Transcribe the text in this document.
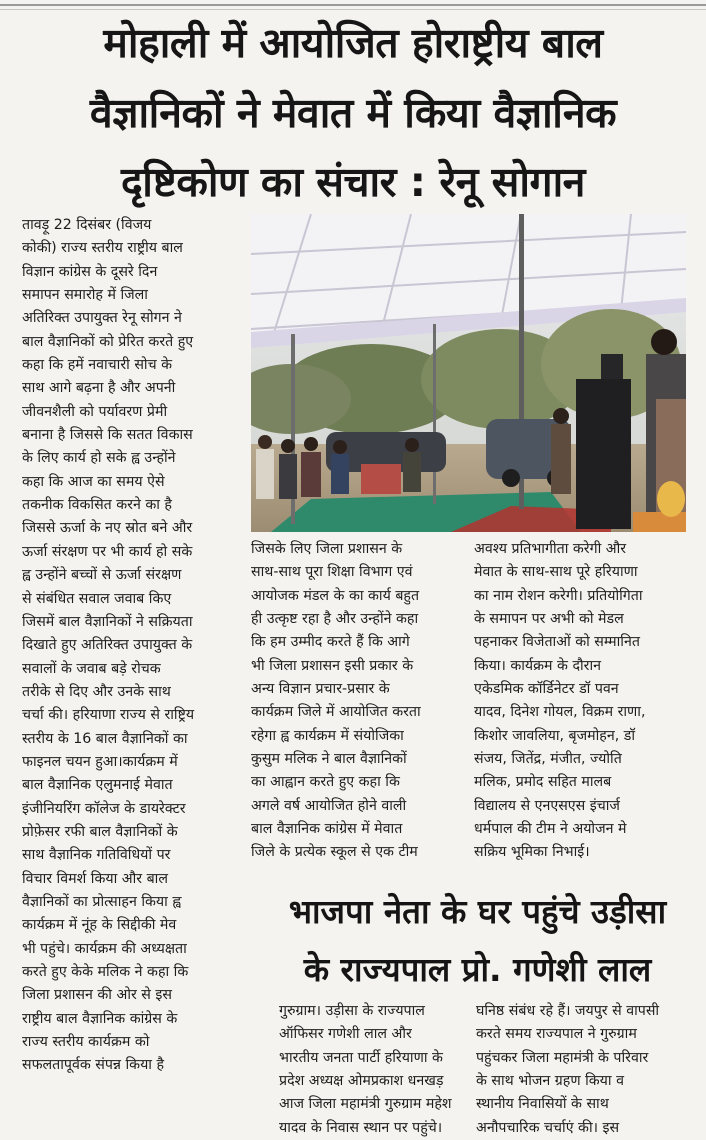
मोहाली में आयोजित होराष्ट्रीय बाल
वैज्ञानिकों ने मेवात में किया वैज्ञानिक
दृष्टिकोण का संचार : रेनू सोगान
तावड़ू 22 दिसंबर (विजय
कोकी) राज्य स्तरीय राष्ट्रीय बाल
विज्ञान कांग्रेस के दूसरे दिन
समापन समारोह में जिला
अतिरिक्त उपायुक्त रेनू सोगन ने
बाल वैज्ञानिकों को प्रेरित करते हुए
कहा कि हमें नवाचारी सोच के
साथ आगे बढ़ना है और अपनी
जीवनशैली को पर्यावरण प्रेमी
बनाना है जिससे कि सतत विकास
के लिए कार्य हो सके ह्व उन्होंने
कहा कि आज का समय ऐसे
तकनीक विकसित करने का है
जिससे ऊर्जा के नए स्रोत बने और
ऊर्जा संरक्षण पर भी कार्य हो सके
ह्व उन्होंने बच्चों से ऊर्जा संरक्षण
से संबंधित सवाल जवाब किए
जिसमें बाल वैज्ञानिकों ने सक्रियता
दिखाते हुए अतिरिक्त उपायुक्त के
सवालों के जवाब बड़े रोचक
तरीके से दिए और उनके साथ
चर्चा की। हरियाणा राज्य से राष्ट्रिय
स्तरीय के 16 बाल वैज्ञानिकों का
फाइनल चयन हुआ।कार्यक्रम में
बाल वैज्ञानिक एलुमनाई मेवात
इंजीनियरिंग कॉलेज के डायरेक्टर
प्रोफ़ेसर रफी बाल वैज्ञानिकों के
साथ वैज्ञानिक गतिविधियों पर
विचार विमर्श किया और बाल
वैज्ञानिकों का प्रोत्साहन किया ह्व
कार्यक्रम में नूंह के सिद्दीकी मेव
भी पहुंचे। कार्यक्रम की अध्यक्षता
करते हुए केके मलिक ने कहा कि
जिला प्रशासन की ओर से इस
राष्ट्रीय बाल वैज्ञानिक कांग्रेस के
राज्य स्तरीय कार्यक्रम को
सफलतापूर्वक संपन्न किया है
जिसके लिए जिला प्रशासन के
साथ-साथ पूरा शिक्षा विभाग एवं
आयोजक मंडल के का कार्य बहुत
ही उत्कृष्ट रहा है और उन्होंने कहा
कि हम उम्मीद करते हैं कि आगे
भी जिला प्रशासन इसी प्रकार के
अन्य विज्ञान प्रचार-प्रसार के
कार्यक्रम जिले में आयोजित करता
रहेगा ह्व कार्यक्रम में संयोजिका
कुसुम मलिक ने बाल वैज्ञानिकों
का आह्वान करते हुए कहा कि
अगले वर्ष आयोजित होने वाली
बाल वैज्ञानिक कांग्रेस में मेवात
जिले के प्रत्येक स्कूल से एक टीम
अवश्य प्रतिभागीता करेगी और
मेवात के साथ-साथ पूरे हरियाणा
का नाम रोशन करेगी। प्रतियोगिता
के समापन पर अभी को मेडल
पहनाकर विजेताओं को सम्मानित
किया। कार्यक्रम के दौरान
एकेडमिक कॉर्डिनेटर डॉ पवन
यादव, दिनेश गोयल, विक्रम राणा,
किशोर जावलिया, बृजमोहन, डॉ
संजय, जितेंद्र, मंजीत, ज्योति
मलिक, प्रमोद सहित मालब
विद्यालय से एनएसएस इंचार्ज
धर्मपाल की टीम ने अयोजन मे
सक्रिय भूमिका निभाई।
भाजपा नेता के घर पहुंचे उड़ीसा
के राज्यपाल प्रो. गणेशी लाल
गुरुग्राम। उड़ीसा के राज्यपाल
ऑफिसर गणेशी लाल और
भारतीय जनता पार्टी हरियाणा के
प्रदेश अध्यक्ष ओमप्रकाश धनखड़
आज जिला महामंत्री गुरुग्राम महेश
यादव के निवास स्थान पर पहुंचे।
घनिष्ठ संबंध रहे हैं। जयपुर से वापसी
करते समय राज्यपाल ने गुरुग्राम
पहुंचकर जिला महामंत्री के परिवार
के साथ भोजन ग्रहण किया व
स्थानीय निवासियों के साथ
अनौपचारिक चर्चाएं की। इस
